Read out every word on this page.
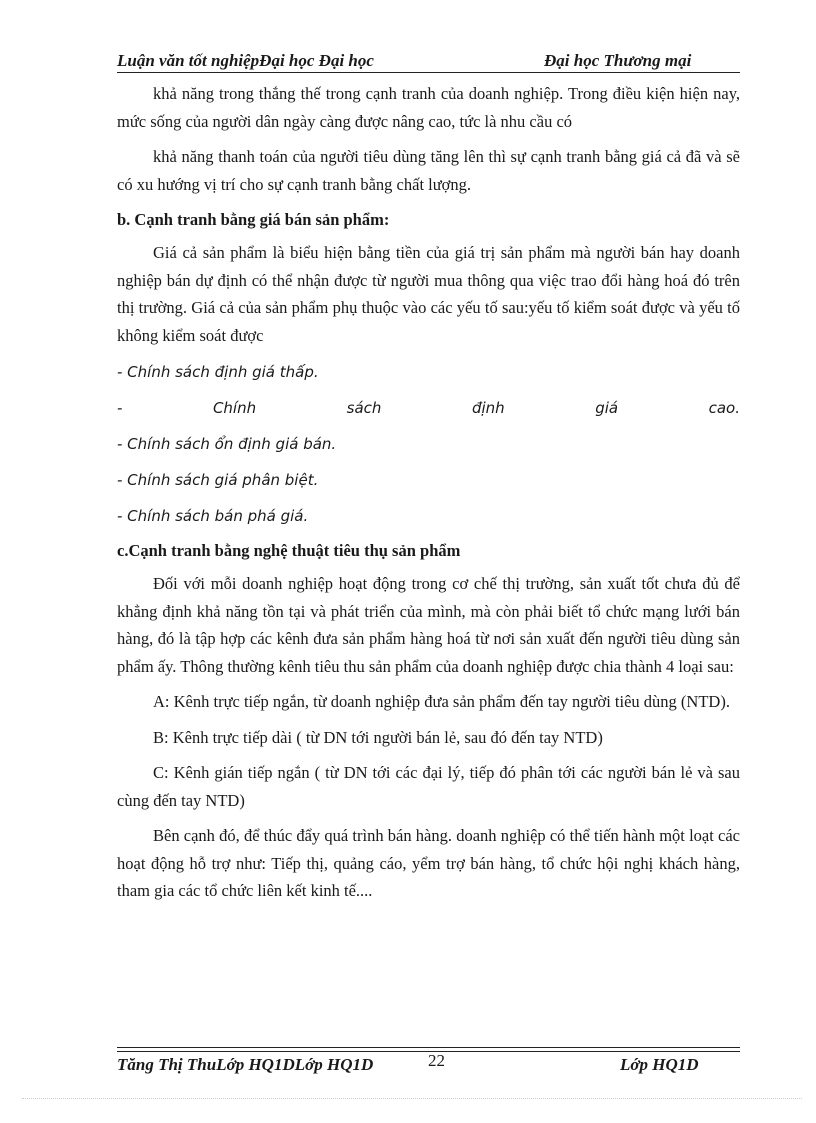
Luận văn tốt nghiệpĐại học Đại học	Đại học Thương mại

khả năng trong thắng thế trong cạnh tranh của doanh nghiệp. Trong điều kiện hiện nay, mức sống của người dân ngày càng được nâng cao, tức là nhu cầu có

khả năng thanh toán của người tiêu dùng tăng lên thì sự cạnh tranh bằng giá cả đã và sẽ có xu hướng vị trí cho sự cạnh tranh bằng chất lượng.

b. Cạnh tranh bằng giá bán sản phẩm:

Giá cả sản phẩm là biểu hiện bằng tiền của giá trị sản phẩm mà người bán hay doanh nghiệp bán dự định có thể nhận được từ người mua thông qua việc trao đổi hàng hoá đó trên thị trường. Giá cả của sản phẩm phụ thuộc vào các yếu tố sau:yếu tố kiểm soát được và yếu tố không kiểm soát được

- Chính sách định giá thấp.

-	Chính	sách	định	giá	cao.

- Chính sách ổn định giá bán.

- Chính sách giá phân biệt.

- Chính sách bán phá giá.

c.Cạnh tranh bằng nghệ thuật tiêu thụ sản phẩm

Đối với mỗi doanh nghiệp hoạt động trong cơ chế thị trường, sản xuất tốt chưa đủ để khẳng định khả năng tồn tại và phát triển của mình, mà còn phải biết tổ chức mạng lưới bán hàng, đó là tập hợp các kênh đưa sản phẩm hàng hoá từ nơi sản xuất đến người tiêu dùng sản phẩm ấy. Thông thường kênh tiêu thu sản phẩm của doanh nghiệp được chia thành 4 loại sau:

A: Kênh trực tiếp ngắn, từ doanh nghiệp đưa sản phẩm đến tay người tiêu dùng (NTD).

B: Kênh trực tiếp dài ( từ DN tới người bán lẻ, sau đó đến tay NTD)

C: Kênh gián tiếp ngắn ( từ DN tới các đại lý, tiếp đó phân tới các người bán lẻ và sau cùng đến tay NTD)

Bên cạnh đó, để thúc đẩy quá trình bán hàng. doanh nghiệp có thể tiến hành một loạt các hoạt động hỗ trợ như: Tiếp thị, quảng cáo, yểm trợ bán hàng, tổ chức hội nghị khách hàng, tham gia các tổ chức liên kết kinh tế....

Tăng Thị ThuLớp HQ1DLớp HQ1D	22	Lớp HQ1D
